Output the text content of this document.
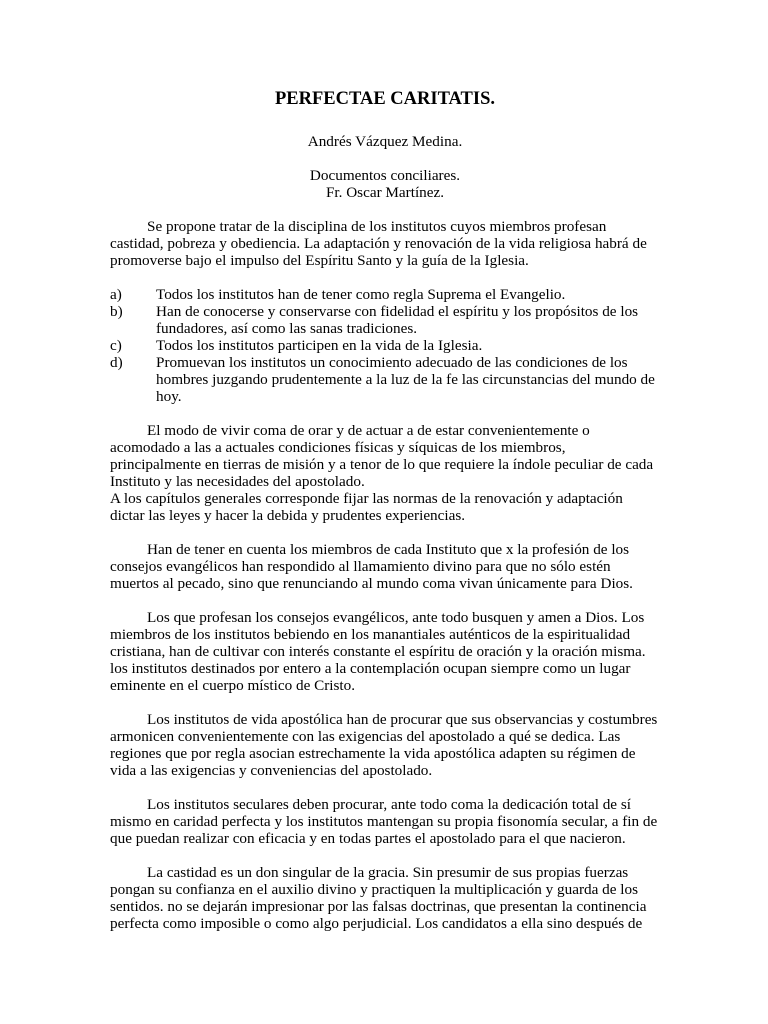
PERFECTAE CARITATIS.

Andrés Vázquez Medina.

Documentos conciliares.

Fr. Oscar Martínez.

Se propone tratar de la disciplina de los institutos cuyos miembros profesan castidad, pobreza y obediencia. La adaptación y renovación de la vida religiosa habrá de promoverse bajo el impulso del Espíritu Santo y la guía de la Iglesia.

a) Todos los institutos han de tener como regla Suprema el Evangelio.
b) Han de conocerse y conservarse con fidelidad el espíritu y los propósitos de los fundadores, así como las sanas tradiciones.
c) Todos los institutos participen en la vida de la Iglesia.
d) Promuevan los institutos un conocimiento adecuado de las condiciones de los hombres juzgando prudentemente a la luz de la fe las circunstancias del mundo de hoy.

El modo de vivir coma de orar y de actuar a de estar convenientemente o acomodado a las a actuales condiciones físicas y síquicas de los miembros, principalmente en tierras de misión y a tenor de lo que requiere la índole peculiar de cada Instituto y las necesidades del apostolado.

A los capítulos generales corresponde fijar las normas de la renovación y adaptación dictar las leyes y hacer la debida y prudentes experiencias.

Han de tener en cuenta los miembros de cada Instituto que x la profesión de los consejos evangélicos han respondido al llamamiento divino para que no sólo estén muertos al pecado, sino que renunciando al mundo coma vivan únicamente para Dios.

Los que profesan los consejos evangélicos, ante todo busquen y amen a Dios. Los miembros de los institutos bebiendo en los manantiales auténticos de la espiritualidad cristiana, han de cultivar con interés constante el espíritu de oración y la oración misma.

los institutos destinados por entero a la contemplación ocupan siempre como un lugar eminente en el cuerpo místico de Cristo.

Los institutos de vida apostólica han de procurar que sus observancias y costumbres armonicen convenientemente con las exigencias del apostolado a qué se dedica. Las regiones que por regla asocian estrechamente la vida apostólica adapten su régimen de vida a las exigencias y conveniencias del apostolado.

Los institutos seculares deben procurar, ante todo coma la dedicación total de sí mismo en caridad perfecta y los institutos mantengan su propia fisonomía secular, a fin de que puedan realizar con eficacia y en todas partes el apostolado para el que nacieron.

La castidad es un don singular de la gracia. Sin presumir de sus propias fuerzas pongan su confianza en el auxilio divino y practiquen la multiplicación y guarda de los sentidos. no se dejarán impresionar por las falsas doctrinas, que presentan la continencia perfecta como imposible o como algo perjudicial. Los candidatos a ella sino después de
